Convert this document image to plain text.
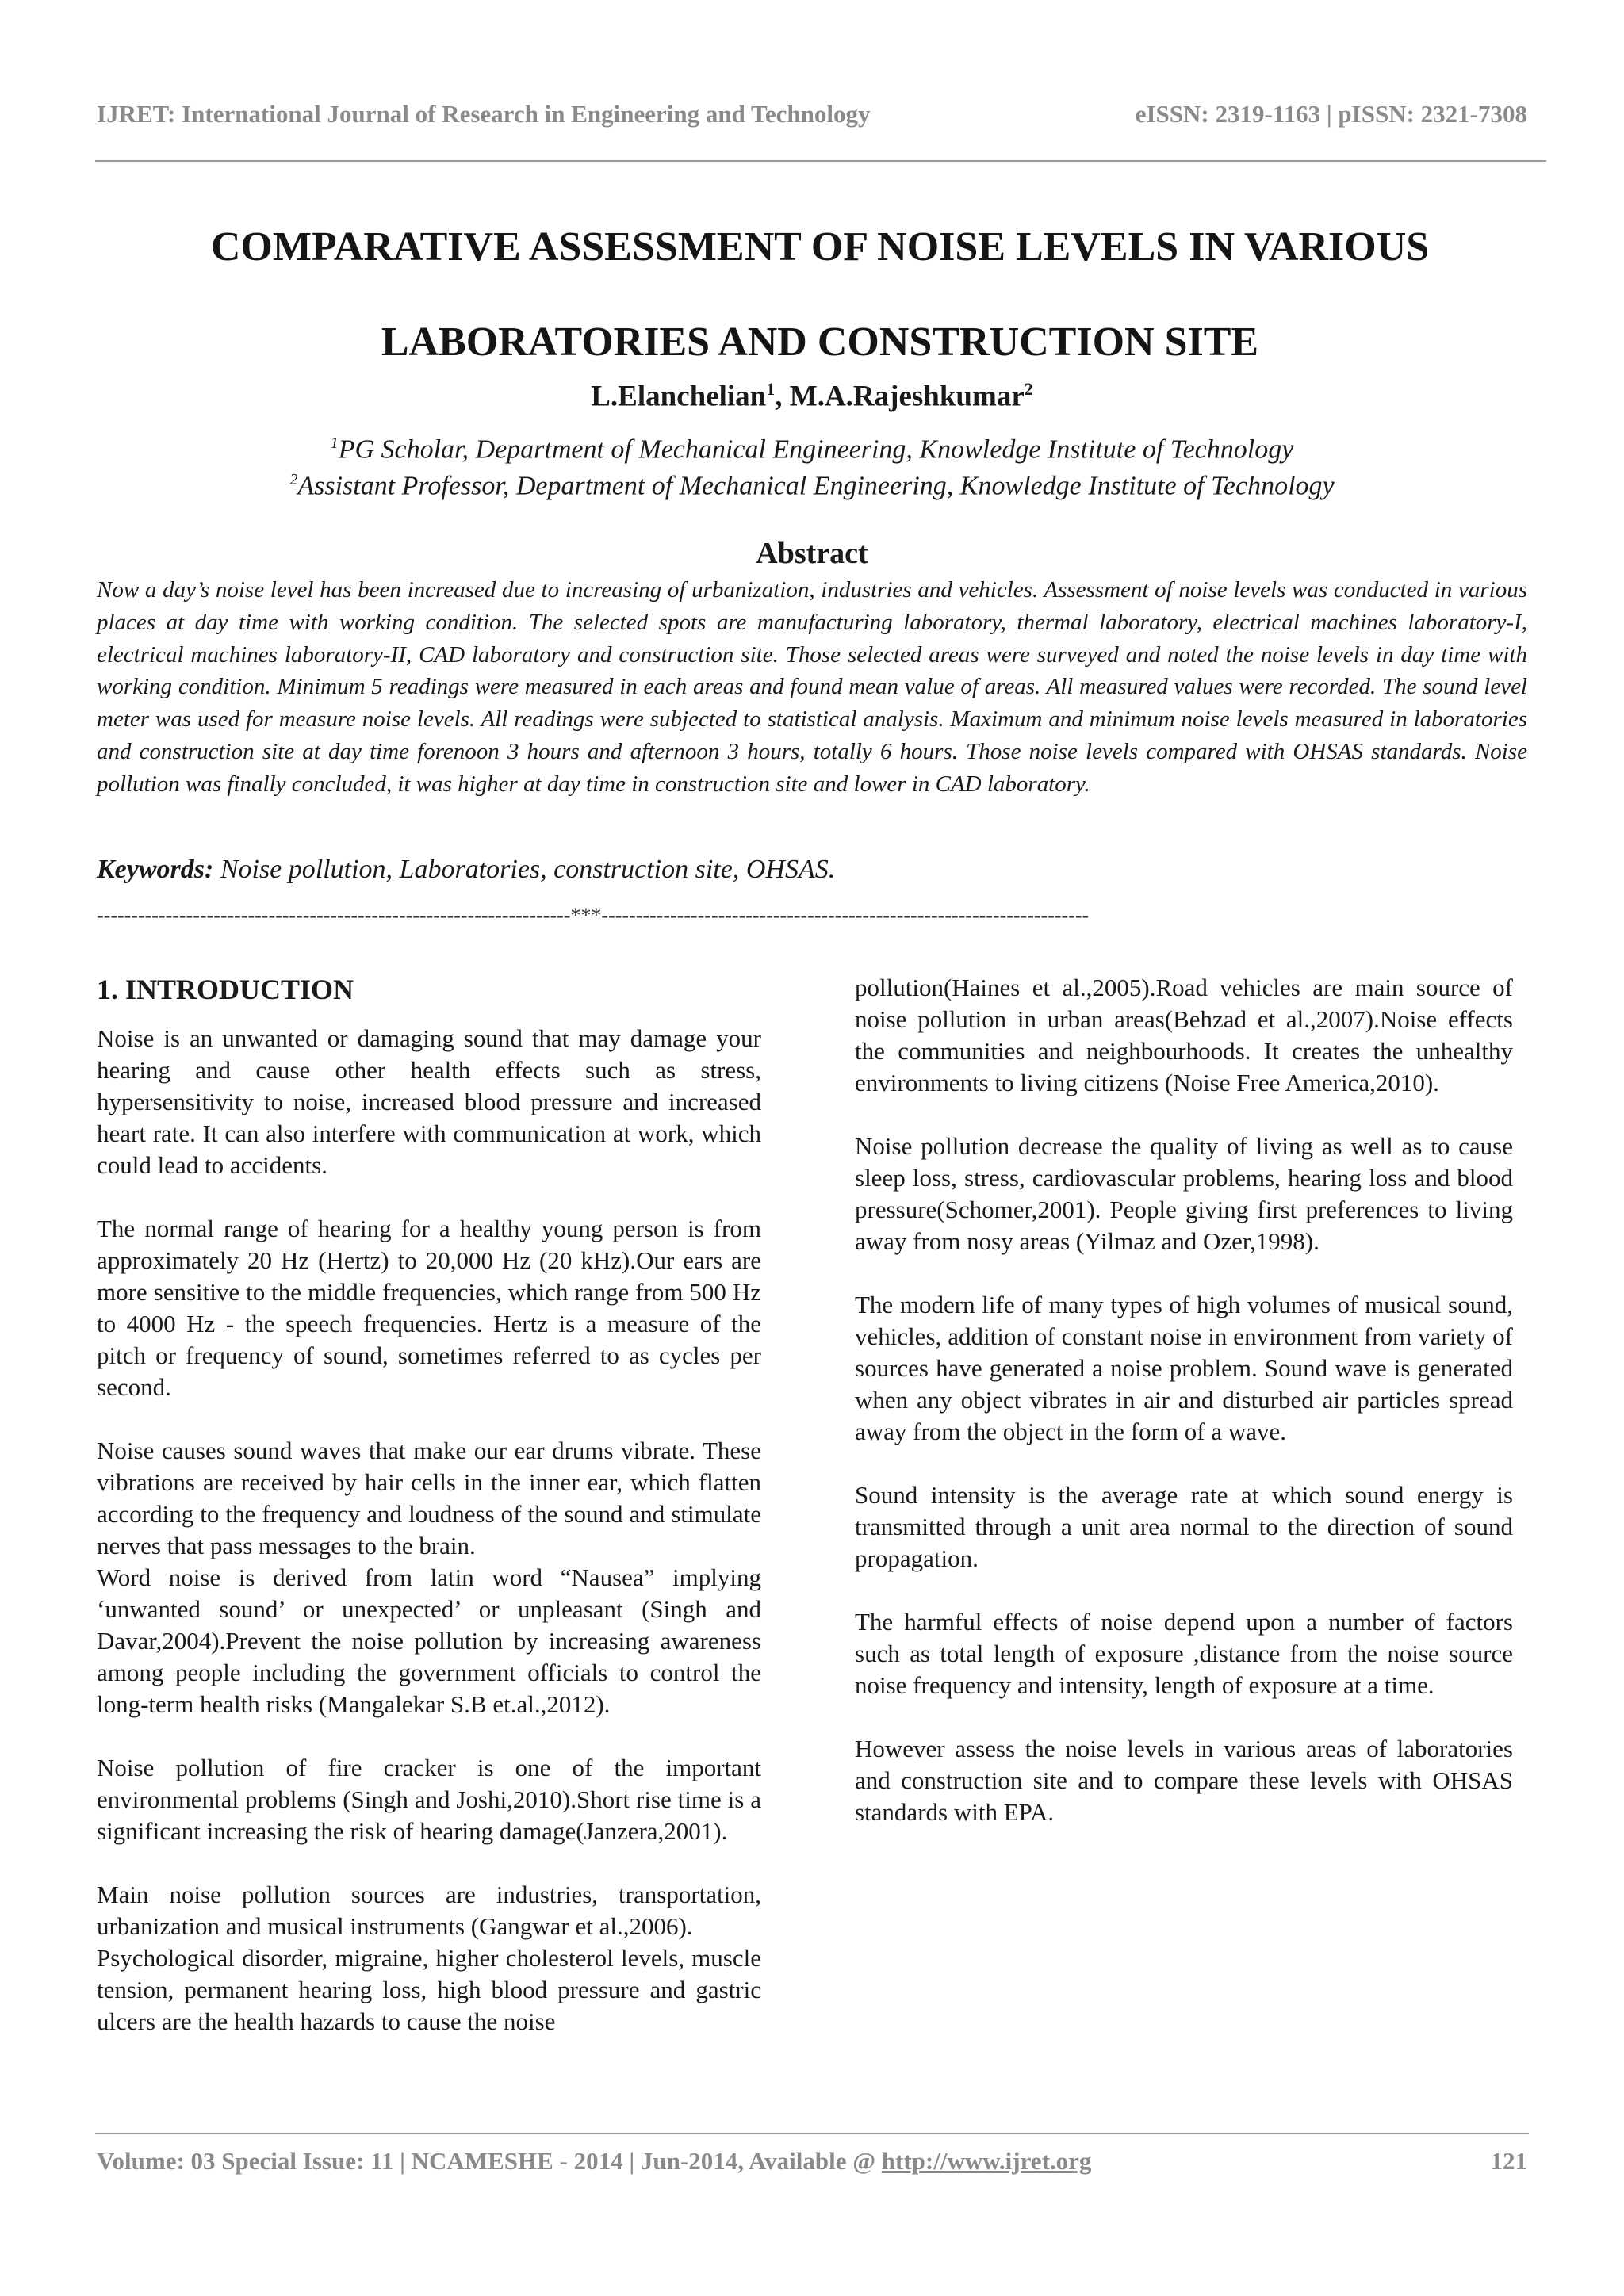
IJRET: International Journal of Research in Engineering and Technology	eISSN: 2319-1163 | pISSN: 2321-7308
COMPARATIVE ASSESSMENT OF NOISE LEVELS IN VARIOUS
LABORATORIES AND CONSTRUCTION SITE
L.Elanchelian$^1$, M.A.Rajeshkumar$^2$
$^1$PG Scholar, Department of Mechanical Engineering, Knowledge Institute of Technology
$^2$Assistant Professor, Department of Mechanical Engineering, Knowledge Institute of Technology
Abstract
Now a day’s noise level has been increased due to increasing of urbanization, industries and vehicles. Assessment of noise levels was conducted in various places at day time with working condition. The selected spots are manufacturing laboratory, thermal laboratory, electrical machines laboratory-I, electrical machines laboratory-II, CAD laboratory and construction site. Those selected areas were surveyed and noted the noise levels in day time with working condition. Minimum 5 readings were measured in each areas and found mean value of areas. All measured values were recorded. The sound level meter was used for measure noise levels. All readings were subjected to statistical analysis. Maximum and minimum noise levels measured in laboratories and construction site at day time forenoon 3 hours and afternoon 3 hours, totally 6 hours. Those noise levels compared with OHSAS standards. Noise pollution was finally concluded, it was higher at day time in construction site and lower in CAD laboratory.
Keywords: Noise pollution, Laboratories, construction site, OHSAS.
---------------------------------------------------------------------***-----------------------------------------------------------------------
1. INTRODUCTION

Noise is an unwanted or damaging sound that may damage your hearing and cause other health effects such as stress, hypersensitivity to noise, increased blood pressure and increased heart rate. It can also interfere with communication at work, which could lead to accidents.

The normal range of hearing for a healthy young person is from approximately 20 Hz (Hertz) to 20,000 Hz (20 kHz).Our ears are more sensitive to the middle frequencies, which range from 500 Hz to 4000 Hz - the speech frequencies. Hertz is a measure of the pitch or frequency of sound, sometimes referred to as cycles per second.

Noise causes sound waves that make our ear drums vibrate. These vibrations are received by hair cells in the inner ear, which flatten according to the frequency and loudness of the sound and stimulate nerves that pass messages to the brain.

Word noise is derived from latin word “Nausea” implying ‘unwanted sound’ or unexpected’ or unpleasant (Singh and Davar,2004).Prevent the noise pollution by increasing awareness among people including the government officials to control the long-term health risks (Mangalekar S.B et.al.,2012).

Noise pollution of fire cracker is one of the important environmental problems (Singh and Joshi,2010).Short rise time is a significant increasing the risk of hearing damage(Janzera,2001).

Main noise pollution sources are industries, transportation, urbanization and musical instruments (Gangwar et al.,2006).

Psychological disorder, migraine, higher cholesterol levels, muscle tension, permanent hearing loss, high blood pressure and gastric ulcers are the health hazards to cause the noise

pollution(Haines et al.,2005).Road vehicles are main source of noise pollution in urban areas(Behzad et al.,2007).Noise effects the communities and neighbourhoods. It creates the unhealthy environments to living citizens (Noise Free America,2010).

Noise pollution decrease the quality of living as well as to cause sleep loss, stress, cardiovascular problems, hearing loss and blood pressure(Schomer,2001). People giving first preferences to living away from nosy areas (Yilmaz and Ozer,1998).

The modern life of many types of high volumes of musical sound, vehicles, addition of constant noise in environment from variety of sources have generated a noise problem. Sound wave is generated when any object vibrates in air and disturbed air particles spread away from the object in the form of a wave.

Sound intensity is the average rate at which sound energy is transmitted through a unit area normal to the direction of sound propagation.

The harmful effects of noise depend upon a number of factors such as total length of exposure ,distance from the noise source noise frequency and intensity, length of exposure at a time.

However assess the noise levels in various areas of laboratories and construction site and to compare these levels with OHSAS standards with EPA.

Volume: 03 Special Issue: 11 | NCAMESHE - 2014 | Jun-2014, Available @ http://www.ijret.org	121
